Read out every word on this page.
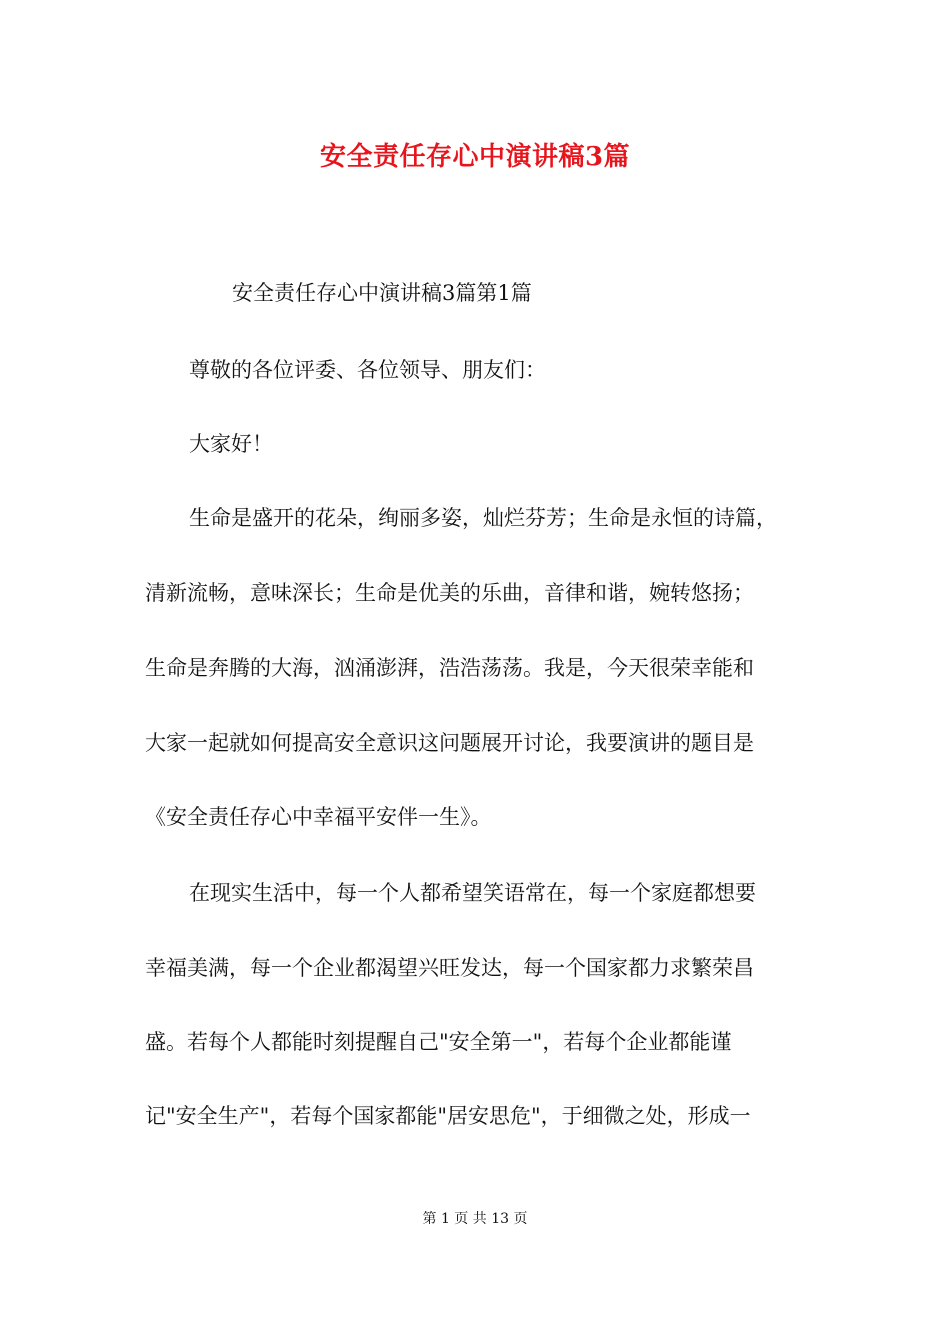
安全责任存心中演讲稿3篇
安全责任存心中演讲稿3篇第1篇
尊敬的各位评委、各位领导、朋友们：
大家好！
生命是盛开的花朵，绚丽多姿，灿烂芬芳；生命是永恒的诗篇，
清新流畅，意味深长；生命是优美的乐曲，音律和谐，婉转悠扬；
生命是奔腾的大海，汹涌澎湃，浩浩荡荡。我是，今天很荣幸能和
大家一起就如何提高安全意识这问题展开讨论，我要演讲的题目是
《安全责任存心中幸福平安伴一生》。
在现实生活中，每一个人都希望笑语常在，每一个家庭都想要
幸福美满，每一个企业都渴望兴旺发达，每一个国家都力求繁荣昌
盛。若每个人都能时刻提醒自己"安全第一"，若每个企业都能谨
记"安全生产"，若每个国家都能"居安思危"，于细微之处，形成一
第 1 页 共 13 页
